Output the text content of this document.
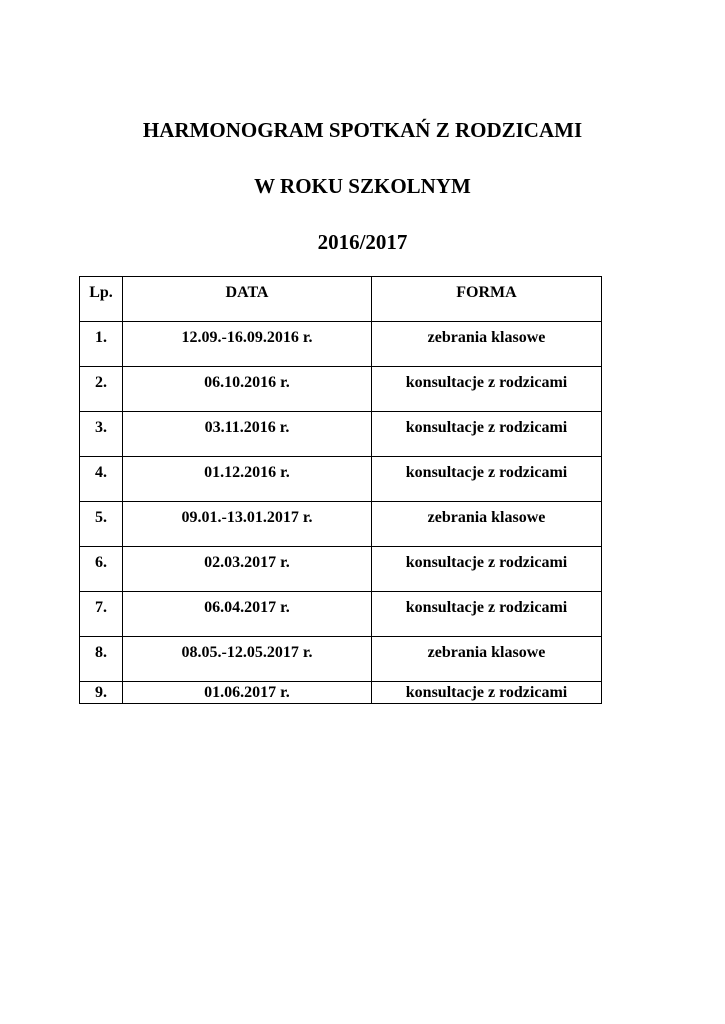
HARMONOGRAM SPOTKAŃ Z RODZICAMI
W ROKU SZKOLNYM
2016/2017
Lp.	DATA	FORMA
1.	12.09.-16.09.2016 r.	zebrania klasowe
2.	06.10.2016 r.	konsultacje z rodzicami
3.	03.11.2016 r.	konsultacje z rodzicami
4.	01.12.2016 r.	konsultacje z rodzicami
5.	09.01.-13.01.2017 r.	zebrania klasowe
6.	02.03.2017 r.	konsultacje z rodzicami
7.	06.04.2017 r.	konsultacje z rodzicami
8.	08.05.-12.05.2017 r.	zebrania klasowe
9.	01.06.2017 r.	konsultacje z rodzicami
